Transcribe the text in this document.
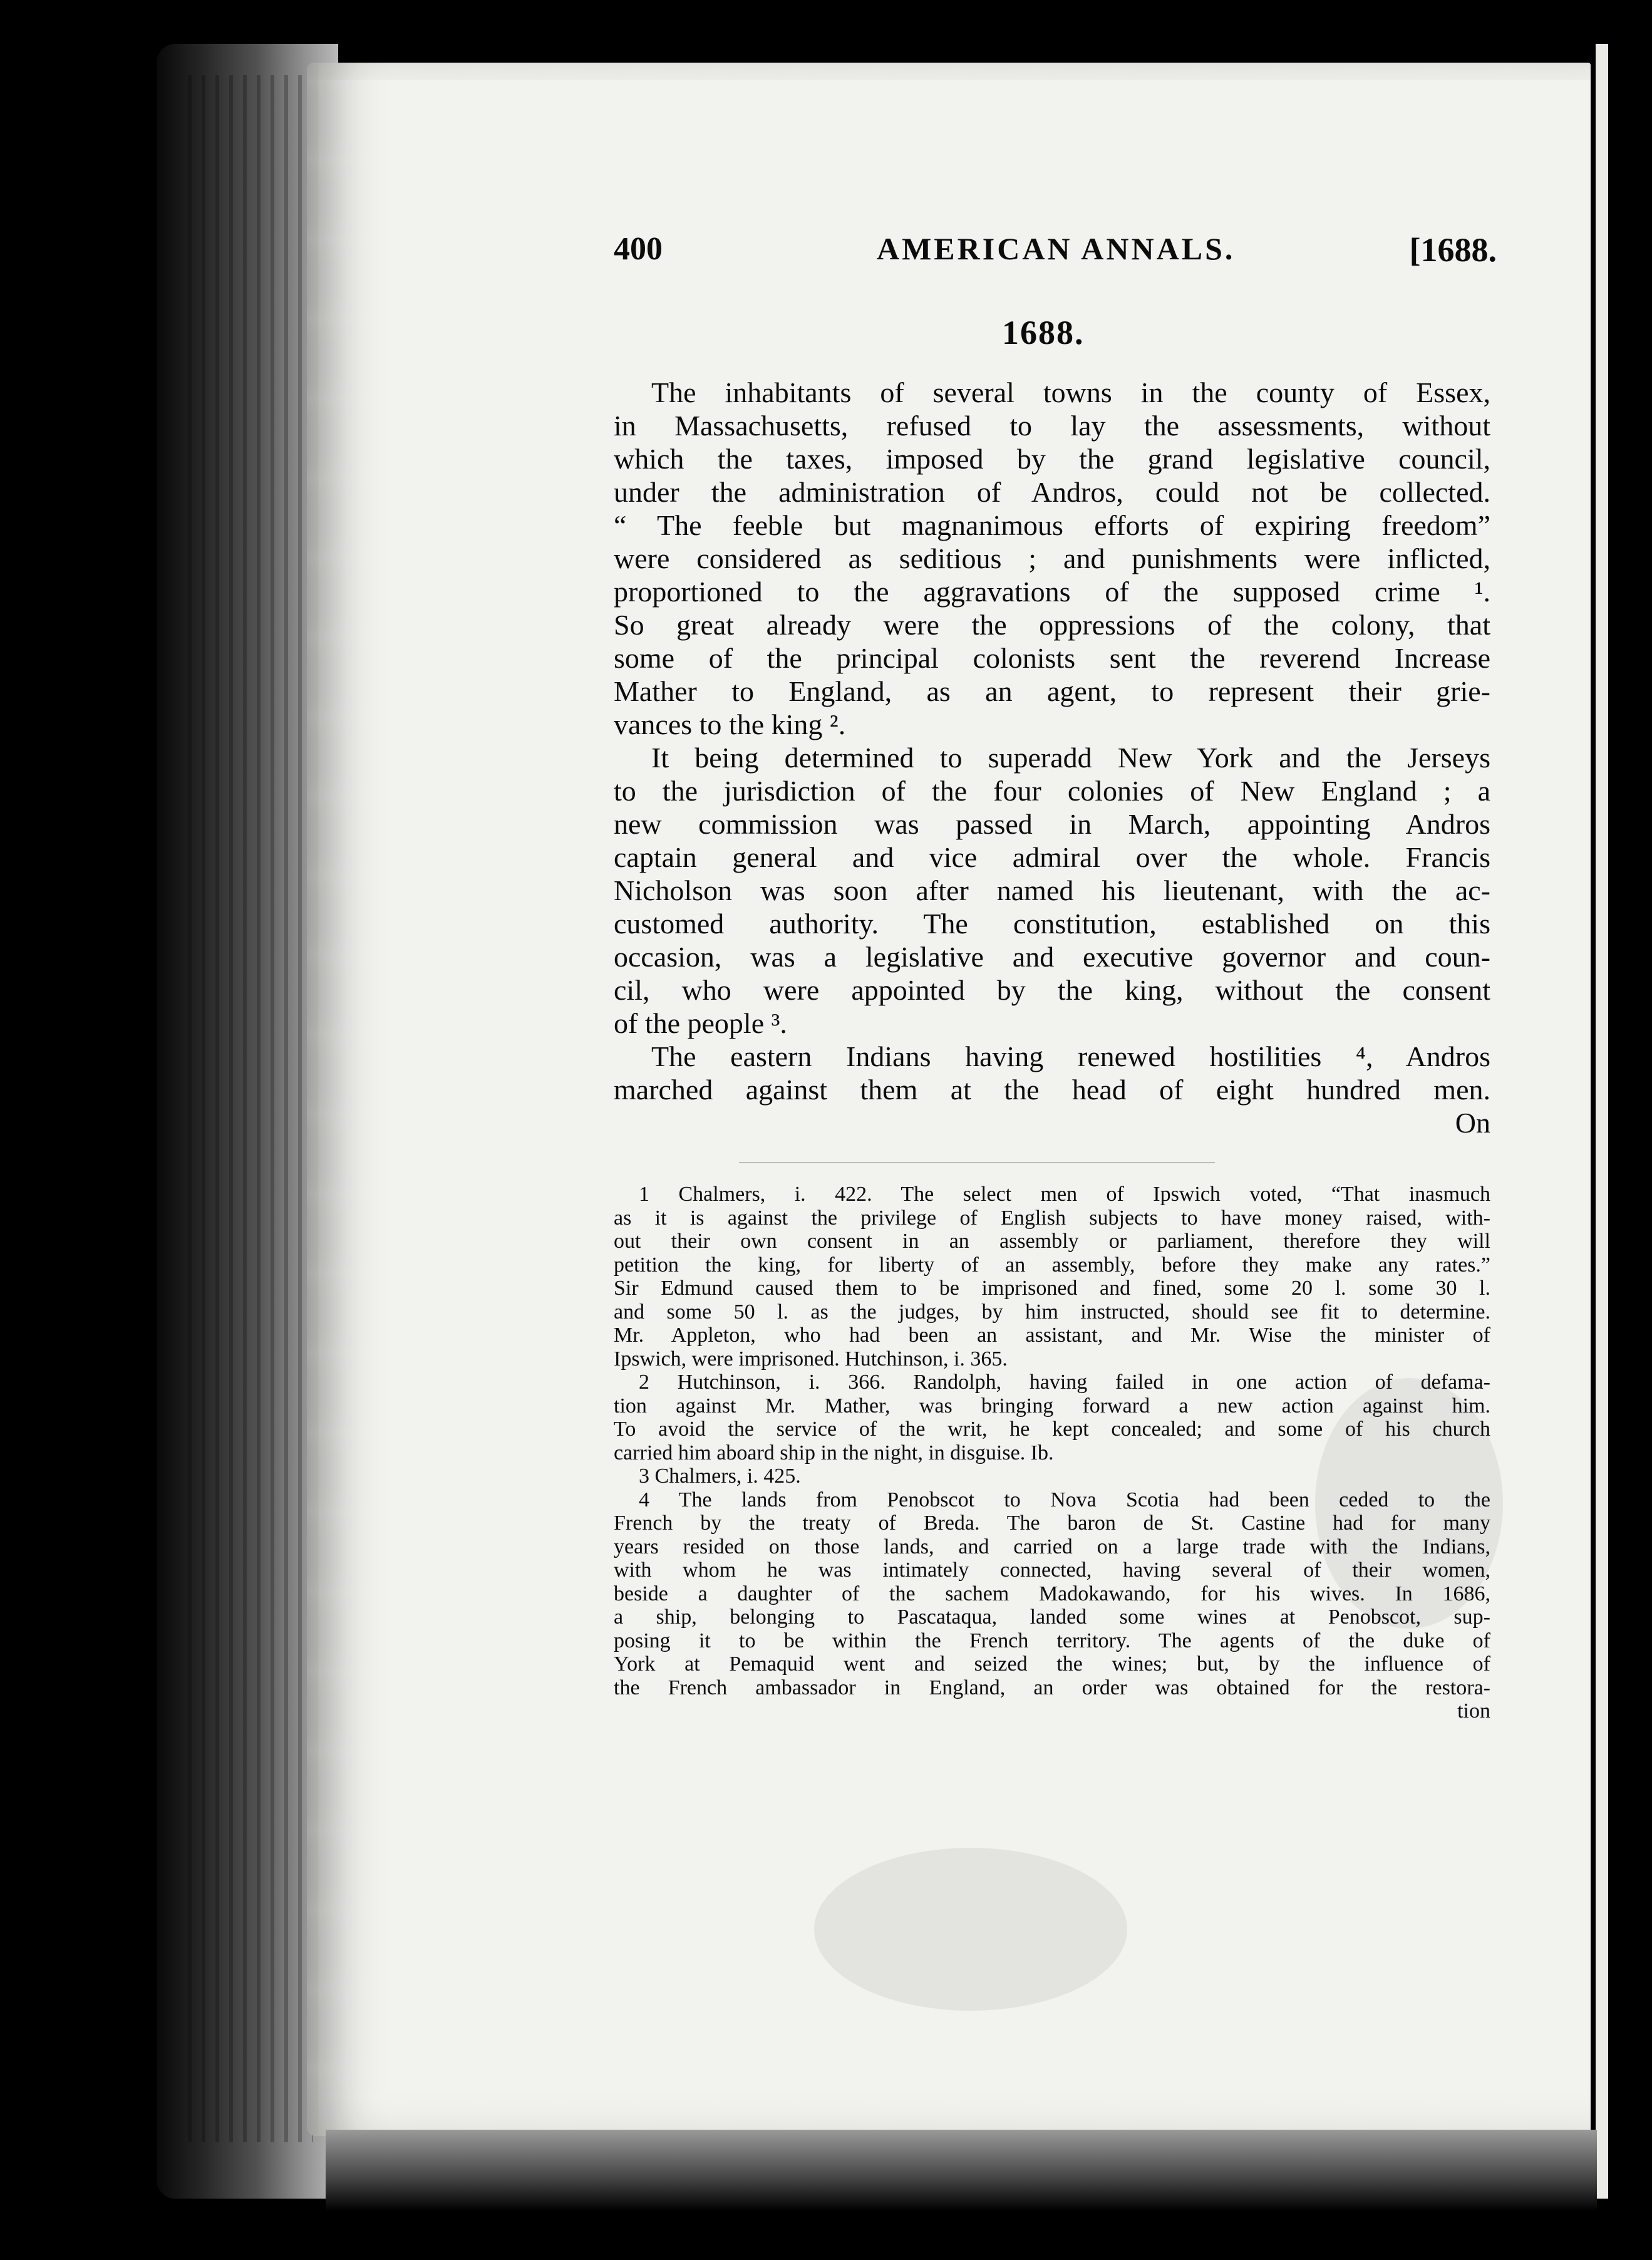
400	AMERICAN ANNALS.	[1688.
1688.
The inhabitants of several towns in the county of Essex,
in Massachusetts, refused to lay the assessments, without
which the taxes, imposed by the grand legislative council,
under the administration of Andros, could not be collected.
“ The feeble but magnanimous efforts of expiring freedom”
were considered as seditious ; and punishments were inflicted,
proportioned to the aggravations of the supposed crime ¹.
So great already were the oppressions of the colony, that
some of the principal colonists sent the reverend Increase
Mather to England, as an agent, to represent their grie-
vances to the king ².
It being determined to superadd New York and the Jerseys
to the jurisdiction of the four colonies of New England ; a
new commission was passed in March, appointing Andros
captain general and vice admiral over the whole. Francis
Nicholson was soon after named his lieutenant, with the ac-
customed authority. The constitution, established on this
occasion, was a legislative and executive governor and coun-
cil, who were appointed by the king, without the consent
of the people ³.
The eastern Indians having renewed hostilities ⁴, Andros
marched against them at the head of eight hundred men.
On
1 Chalmers, i. 422. The select men of Ipswich voted, “That inasmuch
as it is against the privilege of English subjects to have money raised, with-
out their own consent in an assembly or parliament, therefore they will
petition the king, for liberty of an assembly, before they make any rates.”
Sir Edmund caused them to be imprisoned and fined, some 20 l. some 30 l.
and some 50 l. as the judges, by him instructed, should see fit to determine.
Mr. Appleton, who had been an assistant, and Mr. Wise the minister of
Ipswich, were imprisoned. Hutchinson, i. 365.
2 Hutchinson, i. 366. Randolph, having failed in one action of defama-
tion against Mr. Mather, was bringing forward a new action against him.
To avoid the service of the writ, he kept concealed; and some of his church
carried him aboard ship in the night, in disguise. Ib.
3 Chalmers, i. 425.
4 The lands from Penobscot to Nova Scotia had been ceded to the
French by the treaty of Breda. The baron de St. Castine had for many
years resided on those lands, and carried on a large trade with the Indians,
with whom he was intimately connected, having several of their women,
beside a daughter of the sachem Madokawando, for his wives. In 1686,
a ship, belonging to Pascataqua, landed some wines at Penobscot, sup-
posing it to be within the French territory. The agents of the duke of
York at Pemaquid went and seized the wines; but, by the influence of
the French ambassador in England, an order was obtained for the restora-
tion
